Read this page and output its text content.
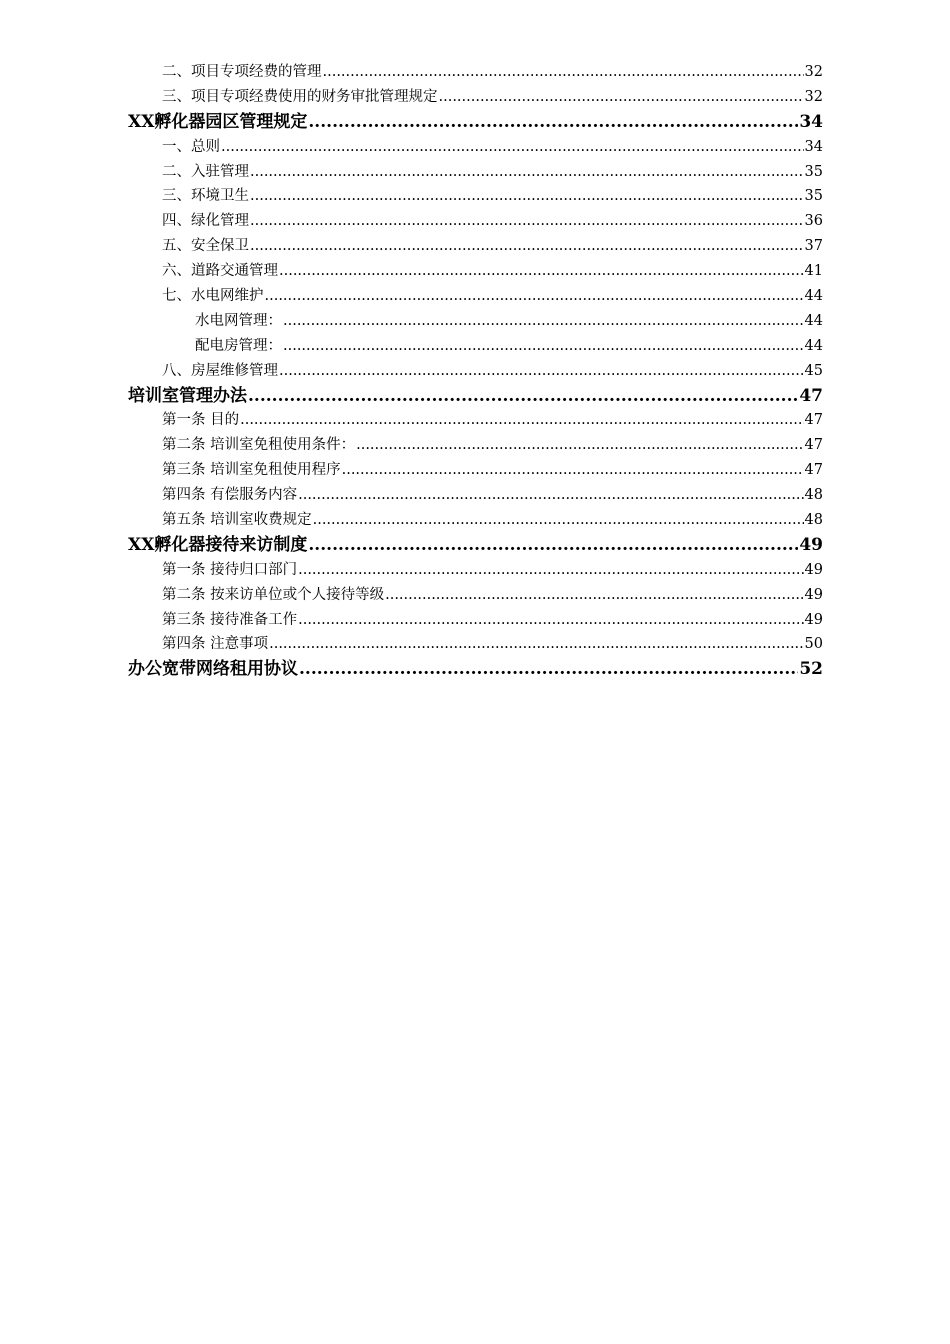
二、项目专项经费的管理 .....	32
三、项目专项经费使用的财务审批管理规定 .....	32
XX孵化器园区管理规定 .....	34
一、总则 .....	34
二、入驻管理 .....	35
三、环境卫生 .....	35
四、绿化管理 .....	36
五、安全保卫 .....	37
六、道路交通管理 .....	41
七、水电网维护 .....	44
水电网管理： .....	44
配电房管理： .....	44
八、房屋维修管理 .....	45
培训室管理办法 .....	47
第一条 目的 .....	47
第二条 培训室免租使用条件： .....	47
第三条 培训室免租使用程序 .....	47
第四条 有偿服务内容 .....	48
第五条 培训室收费规定 .....	48
XX孵化器接待来访制度 .....	49
第一条 接待归口部门 .....	49
第二条 按来访单位或个人接待等级 .....	49
第三条 接待准备工作 .....	49
第四条 注意事项 .....	50
办公宽带网络租用协议 .....	52
